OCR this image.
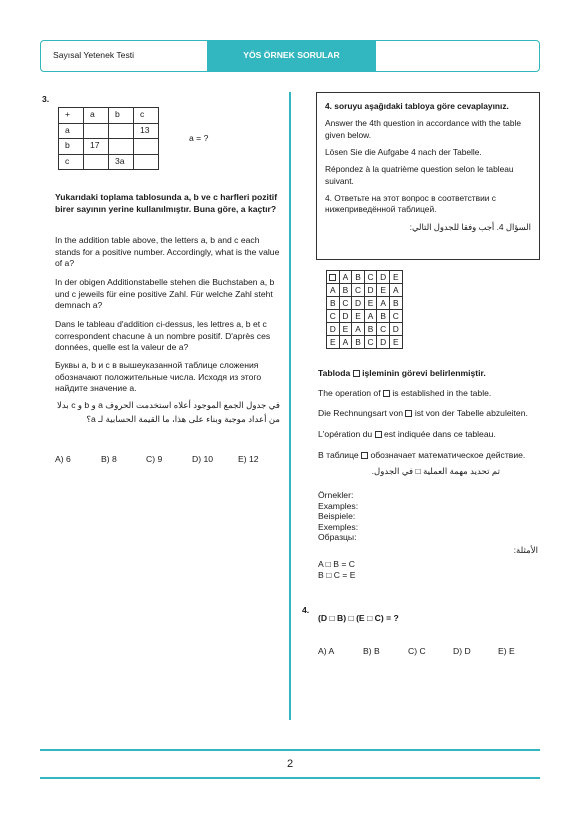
Sayısal Yetenek Testi	YÖS ÖRNEK SORULAR
3.
+	a	b	c
a			13
b	17		
c		3a	
a = ?
Yukarıdaki toplama tablosunda a, b ve c harfleri pozitif birer sayının yerine kullanılmıştır. Buna göre, a kaçtır?
In the addition table above, the letters a, b and c each stands for a positive number. Accordingly, what is the value of a?
In der obigen Additionstabelle stehen die Buchstaben a, b und c jeweils für eine positive Zahl. Für welche Zahl steht demnach a?
Dans le tableau d'addition ci-dessus, les lettres a, b et c correspondent chacune à un nombre positif. D'après ces données, quelle est la valeur de a?
Буквы a, b и c в вышеуказанной таблице сложения обозначают положительные числа. Исходя из этого найдите значение a.
في جدول الجمع الموجود أعلاه استخدمت الحروف a و b و c بدلا
من أعداد موجبة وبناء على هذا، ما القيمة الحسابية لـ a؟
A) 6	B) 8	C) 9	D) 10	E) 12

4. soruyu aşağıdaki tabloya göre cevaplayınız.

Answer the 4th question in accordance with the table given below.

Lösen Sie die Aufgabe 4 nach der Tabelle.

Répondez à la quatrième question selon le tableau suivant.

4. Ответьте на этот вопрос в соответствии с нижеприведённой таблицей.

السؤال 4. أجب وفقا للجدول التالي:

	A	B	C	D	E
A	B	C	D	E	A
B	C	D	E	A	B
C	D	E	A	B	C
D	E	A	B	C	D
E	A	B	C	D	E
Tabloda işleminin görevi belirlenmiştir.
The operation of is established in the table.
Die Rechnungsart von ist von der Tabelle abzuleiten.
L'opération du est indiquée dans ce tableau.
В таблице обозначает математическое действие.
تم تحديد مهمة العملية □ في الجدول.
Örnekler:
Examples:
Beispiele:
Exemples:
Образцы:
الأمثلة:
A □ B = C
B □ C = E
4.
(D □ B) □ (E □ C) = ?
A) A	B) B	C) C	D) D	E) E
2
